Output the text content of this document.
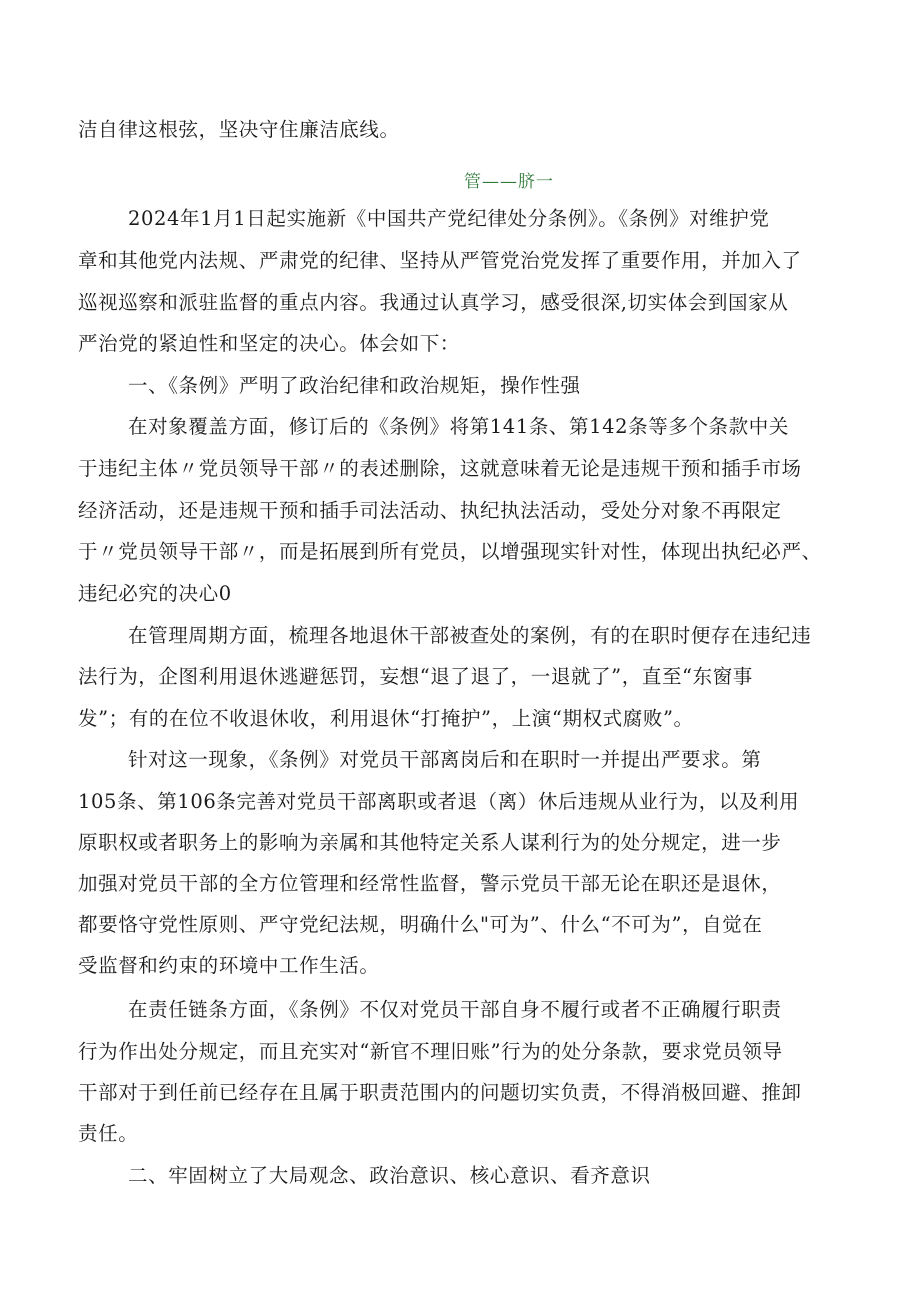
洁自律这根弦，坚决守住廉洁底线。
管——脐一
2024年1月1日起实施新《中国共产党纪律处分条例》。《条例》对维护党
章和其他党内法规、严肃党的纪律、坚持从严管党治党发挥了重要作用，并加入了
巡视巡察和派驻监督的重点内容。我通过认真学习，感受很深,切实体会到国家从
严治党的紧迫性和坚定的决心。体会如下：
一、《条例》严明了政治纪律和政治规矩，操作性强
在对象覆盖方面，修订后的《条例》将第141条、第142条等多个条款中关
于违纪主体〃党员领导干部〃的表述删除，这就意味着无论是违规干预和插手市场
经济活动，还是违规干预和插手司法活动、执纪执法活动，受处分对象不再限定
于〃党员领导干部〃，而是拓展到所有党员，以增强现实针对性，体现出执纪必严、
违纪必究的决心0
在管理周期方面，梳理各地退休干部被查处的案例，有的在职时便存在违纪违
法行为，企图利用退休逃避惩罚，妄想“退了退了，一退就了”，直至“东窗事
发”；有的在位不收退休收，利用退休“打掩护”，上演“期权式腐败”。
针对这一现象，《条例》对党员干部离岗后和在职时一并提出严要求。第
105条、第106条完善对党员干部离职或者退（离）休后违规从业行为，以及利用
原职权或者职务上的影响为亲属和其他特定关系人谋利行为的处分规定，进一步
加强对党员干部的全方位管理和经常性监督，警示党员干部无论在职还是退休，
都要恪守党性原则、严守党纪法规，明确什么"可为”、什么“不可为”，自觉在
受监督和约束的环境中工作生活。
在责任链条方面，《条例》不仅对党员干部自身不履行或者不正确履行职责
行为作出处分规定，而且充实对“新官不理旧账”行为的处分条款，要求党员领导
干部对于到任前已经存在且属于职责范围内的问题切实负责，不得消极回避、推卸
责任。
二、牢固树立了大局观念、政治意识、核心意识、看齐意识
